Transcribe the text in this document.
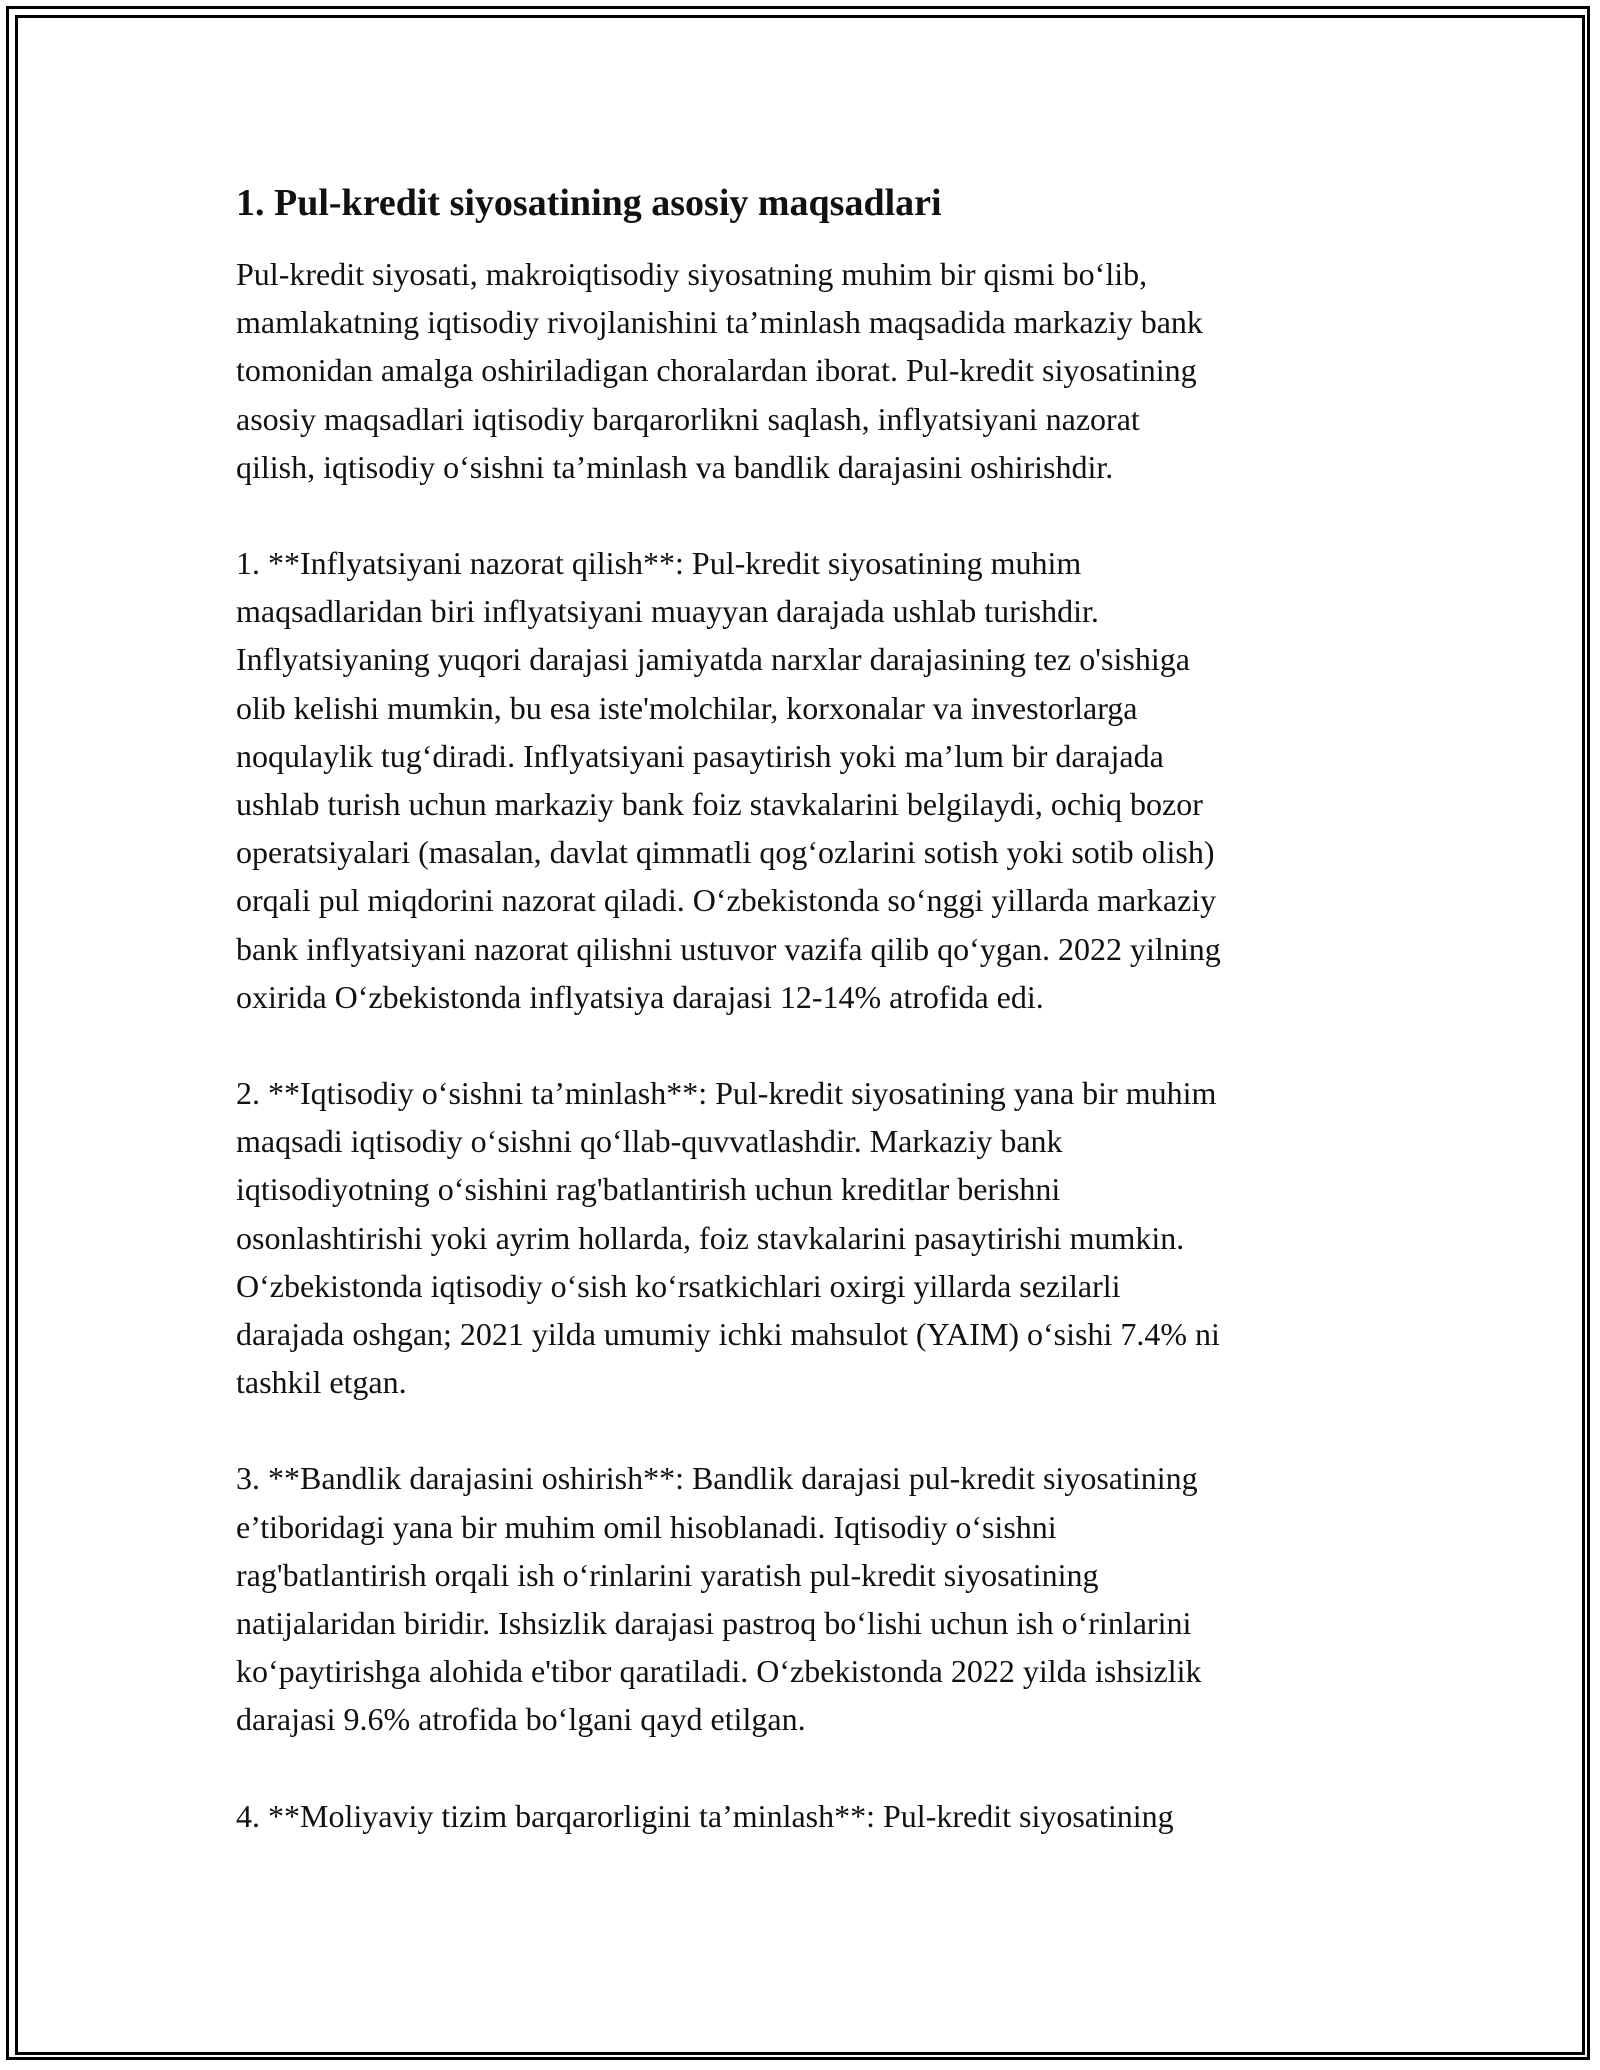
1. Pul-kredit siyosatining asosiy maqsadlari

Pul-kredit siyosati, makroiqtisodiy siyosatning muhim bir qismi bo‘lib,
mamlakatning iqtisodiy rivojlanishini ta’minlash maqsadida markaziy bank
tomonidan amalga oshiriladigan choralardan iborat. Pul-kredit siyosatining
asosiy maqsadlari iqtisodiy barqarorlikni saqlash, inflyatsiyani nazorat
qilish, iqtisodiy o‘sishni ta’minlash va bandlik darajasini oshirishdir.

1. **Inflyatsiyani nazorat qilish**: Pul-kredit siyosatining muhim
maqsadlaridan biri inflyatsiyani muayyan darajada ushlab turishdir.
Inflyatsiyaning yuqori darajasi jamiyatda narxlar darajasining tez o'sishiga
olib kelishi mumkin, bu esa iste'molchilar, korxonalar va investorlarga
noqulaylik tug‘diradi. Inflyatsiyani pasaytirish yoki ma’lum bir darajada
ushlab turish uchun markaziy bank foiz stavkalarini belgilaydi, ochiq bozor
operatsiyalari (masalan, davlat qimmatli qog‘ozlarini sotish yoki sotib olish)
orqali pul miqdorini nazorat qiladi. O‘zbekistonda so‘nggi yillarda markaziy
bank inflyatsiyani nazorat qilishni ustuvor vazifa qilib qo‘ygan. 2022 yilning
oxirida O‘zbekistonda inflyatsiya darajasi 12-14% atrofida edi.

2. **Iqtisodiy o‘sishni ta’minlash**: Pul-kredit siyosatining yana bir muhim
maqsadi iqtisodiy o‘sishni qo‘llab-quvvatlashdir. Markaziy bank
iqtisodiyotning o‘sishini rag'batlantirish uchun kreditlar berishni
osonlashtirishi yoki ayrim hollarda, foiz stavkalarini pasaytirishi mumkin.
O‘zbekistonda iqtisodiy o‘sish ko‘rsatkichlari oxirgi yillarda sezilarli
darajada oshgan; 2021 yilda umumiy ichki mahsulot (YAIM) o‘sishi 7.4% ni
tashkil etgan.

3. **Bandlik darajasini oshirish**: Bandlik darajasi pul-kredit siyosatining
e’tiboridagi yana bir muhim omil hisoblanadi. Iqtisodiy o‘sishni
rag'batlantirish orqali ish o‘rinlarini yaratish pul-kredit siyosatining
natijalaridan biridir. Ishsizlik darajasi pastroq bo‘lishi uchun ish o‘rinlarini
ko‘paytirishga alohida e'tibor qaratiladi. O‘zbekistonda 2022 yilda ishsizlik
darajasi 9.6% atrofida bo‘lgani qayd etilgan.

4. **Moliyaviy tizim barqarorligini ta’minlash**: Pul-kredit siyosatining
